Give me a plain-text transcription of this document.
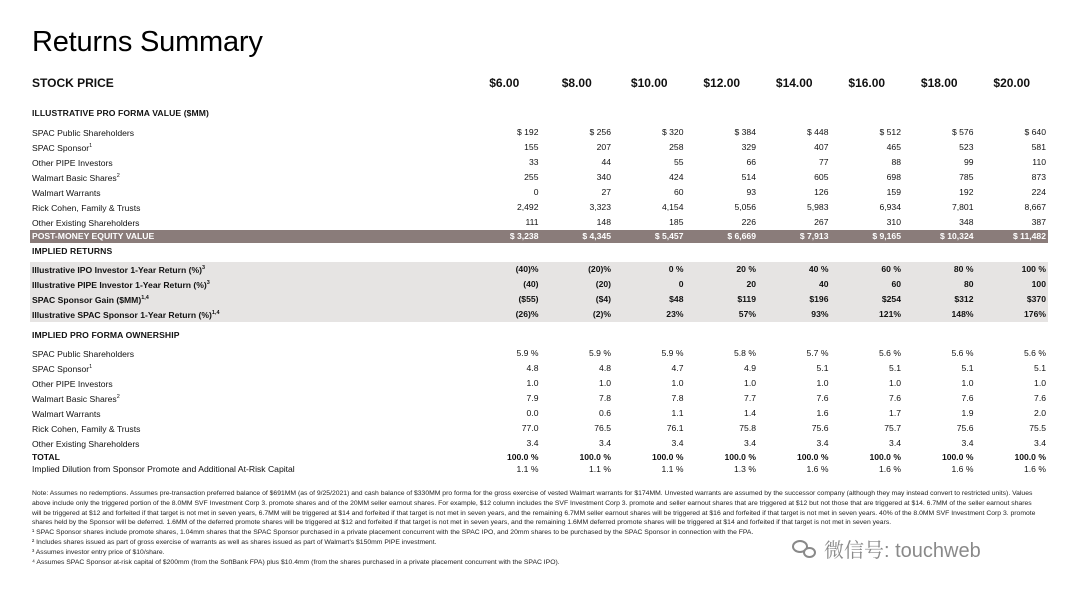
Returns Summary
STOCK PRICE	$6.00	$8.00	$10.00	$12.00	$14.00	$16.00	$18.00	$20.00
ILLUSTRATIVE PRO FORMA VALUE ($MM)
SPAC Public Shareholders	$ 192	$ 256	$ 320	$ 384	$ 448	$ 512	$ 576	$ 640
SPAC Sponsor$^1$	155	207	258	329	407	465	523	581
Other PIPE Investors	33	44	55	66	77	88	99	110
Walmart Basic Shares$^2$	255	340	424	514	605	698	785	873
Walmart Warrants	0	27	60	93	126	159	192	224
Rick Cohen, Family & Trusts	2,492	3,323	4,154	5,056	5,983	6,934	7,801	8,667
Other Existing Shareholders	111	148	185	226	267	310	348	387
POST-MONEY EQUITY VALUE	$ 3,238	$ 4,345	$ 5,457	$ 6,669	$ 7,913	$ 9,165	$ 10,324	$ 11,482
IMPLIED RETURNS
Illustrative IPO Investor 1-Year Return (%)$^3$	(40)%	(20)%	0 %	20 %	40 %	60 %	80 %	100 %
Illustrative PIPE Investor 1-Year Return (%)$^3$	(40)	(20)	0	20	40	60	80	100
SPAC Sponsor Gain ($MM)$^{1,4}$	($55)	($4)	$48	$119	$196	$254	$312	$370
Illustrative SPAC Sponsor 1-Year Return (%)$^{1,4}$	(26)%	(2)%	23%	57%	93%	121%	148%	176%
IMPLIED PRO FORMA OWNERSHIP
SPAC Public Shareholders	5.9 %	5.9 %	5.9 %	5.8 %	5.7 %	5.6 %	5.6 %	5.6 %
SPAC Sponsor$^1$	4.8	4.8	4.7	4.9	5.1	5.1	5.1	5.1
Other PIPE Investors	1.0	1.0	1.0	1.0	1.0	1.0	1.0	1.0
Walmart Basic Shares$^2$	7.9	7.8	7.8	7.7	7.6	7.6	7.6	7.6
Walmart Warrants	0.0	0.6	1.1	1.4	1.6	1.7	1.9	2.0
Rick Cohen, Family & Trusts	77.0	76.5	76.1	75.8	75.6	75.7	75.6	75.5
Other Existing Shareholders	3.4	3.4	3.4	3.4	3.4	3.4	3.4	3.4
TOTAL	100.0 %	100.0 %	100.0 %	100.0 %	100.0 %	100.0 %	100.0 %	100.0 %
Implied Dilution from Sponsor Promote and Additional At-Risk Capital	1.1 %	1.1 %	1.1 %	1.3 %	1.6 %	1.6 %	1.6 %	1.6 %

Note: Assumes no redemptions. Assumes pre-transaction preferred balance of $691MM (as of 9/25/2021) and cash balance of $330MM pro forma for the gross exercise of vested Walmart warrants for $174MM. Unvested warrants are assumed by the successor company (although they may instead convert to restricted units). Values above include only the triggered portion of the 8.0MM SVF Investment Corp 3. promote shares and of the 20MM seller earnout shares. For example, $12 column includes the SVF Investment Corp 3. promote and seller earnout shares that are triggered at $12 but not those that are triggered at $14. 6.7MM of the seller earnout shares will be triggered at $12 and forfeited if that target is not met in seven years, 6.7MM will be triggered at $14 and forfeited if that target is not met in seven years, and the remaining 6.7MM seller earnout shares will be triggered at $16 and forfeited if that target is not met in seven years. 40% of the 8.0MM SVF Investment Corp 3. promote shares held by the Sponsor will be deferred. 1.6MM of the deferred promote shares will be triggered at $12 and forfeited if that target is not met in seven years, and the remaining 1.6MM deferred promote shares will be triggered at $14 and forfeited if that target is not met in seven years.

¹ SPAC Sponsor shares include promote shares, 1.04mm shares that the SPAC Sponsor purchased in a private placement concurrent with the SPAC IPO, and 20mm shares to be purchased by the SPAC Sponsor in connection with the FPA.

² Includes shares issued as part of gross exercise of warrants as well as shares issued as part of Walmart's $150mm PIPE investment.

³ Assumes investor entry price of $10/share.

⁴ Assumes SPAC Sponsor at-risk capital of $200mm (from the SoftBank FPA) plus $10.4mm (from the shares purchased in a private placement concurrent with the SPAC IPO).

微信号: touchweb
